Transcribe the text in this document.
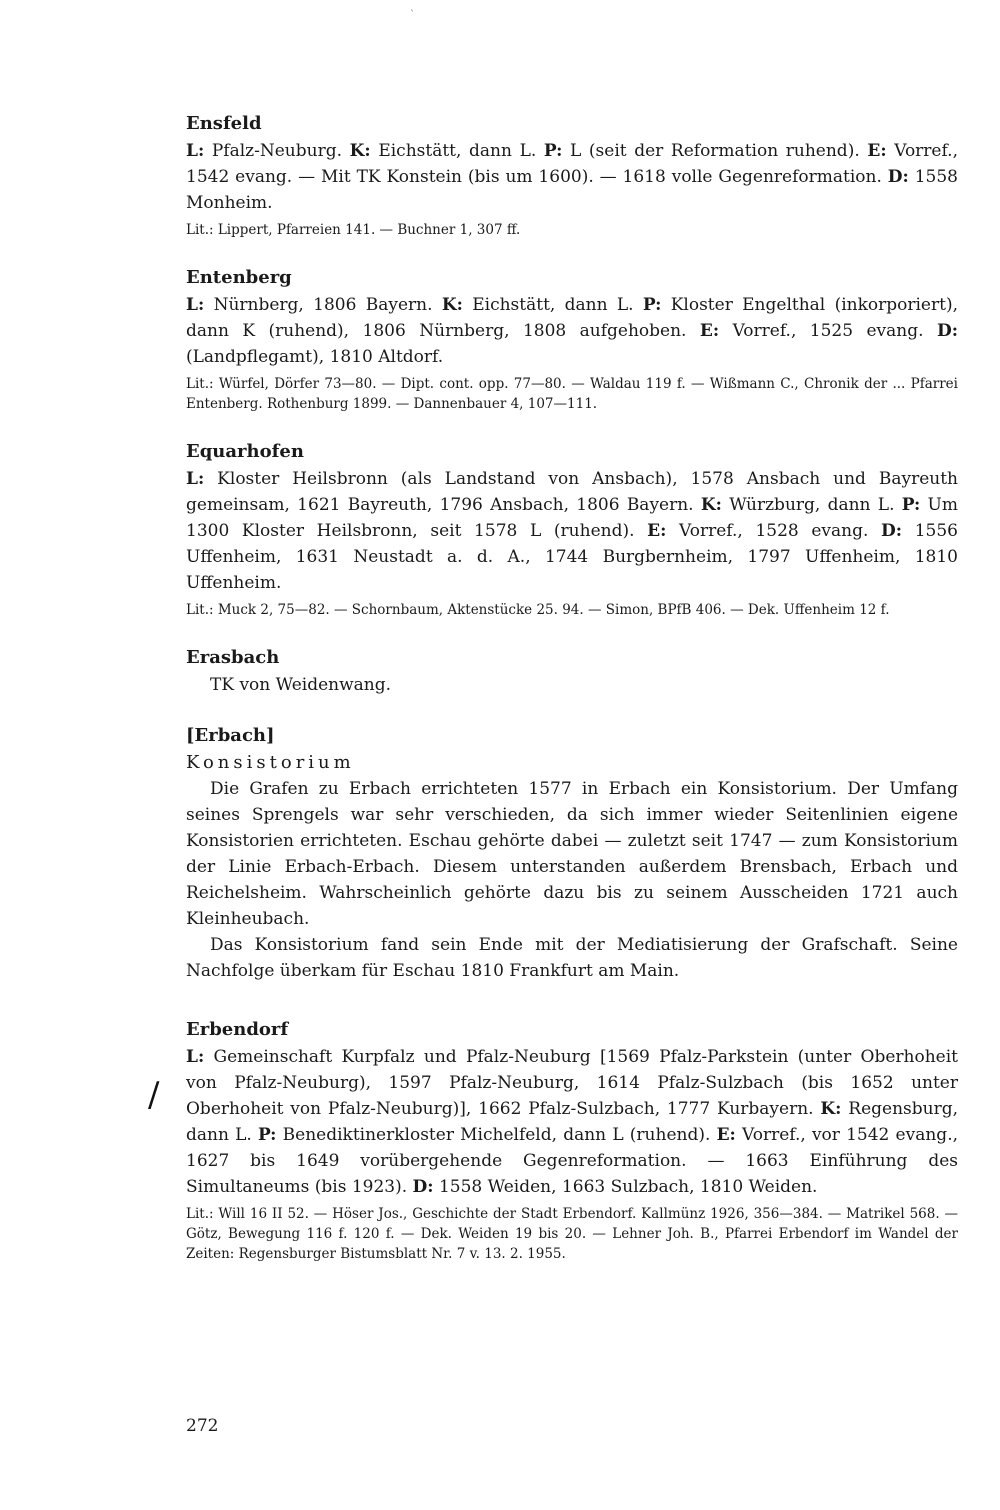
`
Ensfeld
L: Pfalz-Neuburg. K: Eichstätt, dann L. P: L (seit der Reformation ruhend). E: Vorref., 1542 evang. — Mit TK Konstein (bis um 1600). — 1618 volle Gegenreformation. D: 1558 Monheim.
Lit.: Lippert, Pfarreien 141. — Buchner 1, 307 ff.
Entenberg
L: Nürnberg, 1806 Bayern. K: Eichstätt, dann L. P: Kloster Engelthal (inkorporiert), dann K (ruhend), 1806 Nürnberg, 1808 aufgehoben. E: Vorref., 1525 evang. D: (Landpflegamt), 1810 Altdorf.
Lit.: Würfel, Dörfer 73—80. — Dipt. cont. opp. 77—80. — Waldau 119 f. — Wißmann C., Chronik der ... Pfarrei Entenberg. Rothenburg 1899. — Dannenbauer 4, 107—111.
Equarhofen
L: Kloster Heilsbronn (als Landstand von Ansbach), 1578 Ansbach und Bayreuth gemeinsam, 1621 Bayreuth, 1796 Ansbach, 1806 Bayern. K: Würzburg, dann L. P: Um 1300 Kloster Heilsbronn, seit 1578 L (ruhend). E: Vorref., 1528 evang. D: 1556 Uffenheim, 1631 Neustadt a. d. A., 1744 Burgbernheim, 1797 Uffenheim, 1810 Uffenheim.
Lit.: Muck 2, 75—82. — Schornbaum, Aktenstücke 25. 94. — Simon, BPfB 406. — Dek. Uffenheim 12 f.
Erasbach
TK von Weidenwang.
[Erbach]
Konsistorium
Die Grafen zu Erbach errichteten 1577 in Erbach ein Konsistorium. Der Umfang seines Sprengels war sehr verschieden, da sich immer wieder Seitenlinien eigene Konsistorien errichteten. Eschau gehörte dabei — zuletzt seit 1747 — zum Konsistorium der Linie Erbach-Erbach. Diesem unterstanden außerdem Brensbach, Erbach und Reichelsheim. Wahrscheinlich gehörte dazu bis zu seinem Ausscheiden 1721 auch Kleinheubach.
Das Konsistorium fand sein Ende mit der Mediatisierung der Grafschaft. Seine Nachfolge überkam für Eschau 1810 Frankfurt am Main.
Erbendorf
L: Gemeinschaft Kurpfalz und Pfalz-Neuburg [1569 Pfalz-Parkstein (unter Oberhoheit von Pfalz-Neuburg), 1597 Pfalz-Neuburg, 1614 Pfalz-Sulzbach (bis 1652 unter Oberhoheit von Pfalz-Neuburg)], 1662 Pfalz-Sulzbach, 1777 Kurbayern. K: Regensburg, dann L. P: Benediktinerkloster Michelfeld, dann L (ruhend). E: Vorref., vor 1542 evang., 1627 bis 1649 vorübergehende Gegenreformation. — 1663 Einführung des Simultaneums (bis 1923). D: 1558 Weiden, 1663 Sulzbach, 1810 Weiden.
Lit.: Will 16 II 52. — Höser Jos., Geschichte der Stadt Erbendorf. Kallmünz 1926, 356—384. — Matrikel 568. — Götz, Bewegung 116 f. 120 f. — Dek. Weiden 19 bis 20. — Lehner Joh. B., Pfarrei Erbendorf im Wandel der Zeiten: Regensburger Bistumsblatt Nr. 7 v. 13. 2. 1955.
/
272
